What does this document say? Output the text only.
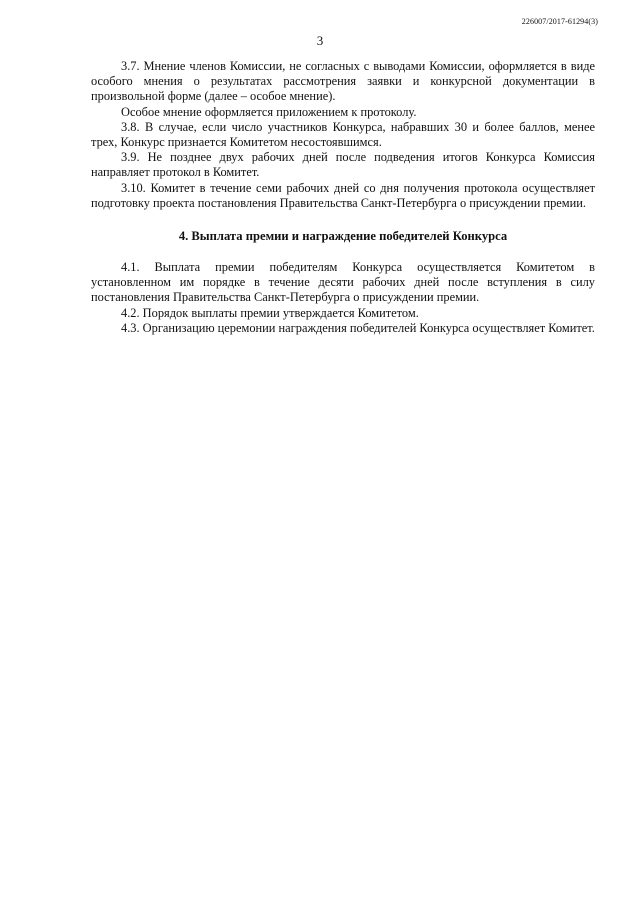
226007/2017-61294(3)
3

3.7. Мнение членов Комиссии, не согласных с выводами Комиссии, оформляется в виде особого мнения о результатах рассмотрения заявки и конкурсной документации в произвольной форме (далее – особое мнение).

Особое мнение оформляется приложением к протоколу.

3.8. В случае, если число участников Конкурса, набравших 30 и более баллов, менее трех, Конкурс признается Комитетом несостоявшимся.

3.9. Не позднее двух рабочих дней после подведения итогов Конкурса Комиссия направляет протокол в Комитет.

3.10. Комитет в течение семи рабочих дней со дня получения протокола осуществляет подготовку проекта постановления Правительства Санкт-Петербурга о присуждении премии.

4. Выплата премии и награждение победителей Конкурса

4.1. Выплата премии победителям Конкурса осуществляется Комитетом в установленном им порядке в течение десяти рабочих дней после вступления в силу постановления Правительства Санкт-Петербурга о присуждении премии.

4.2. Порядок выплаты премии утверждается Комитетом.

4.3. Организацию церемонии награждения победителей Конкурса осуществляет Комитет.
